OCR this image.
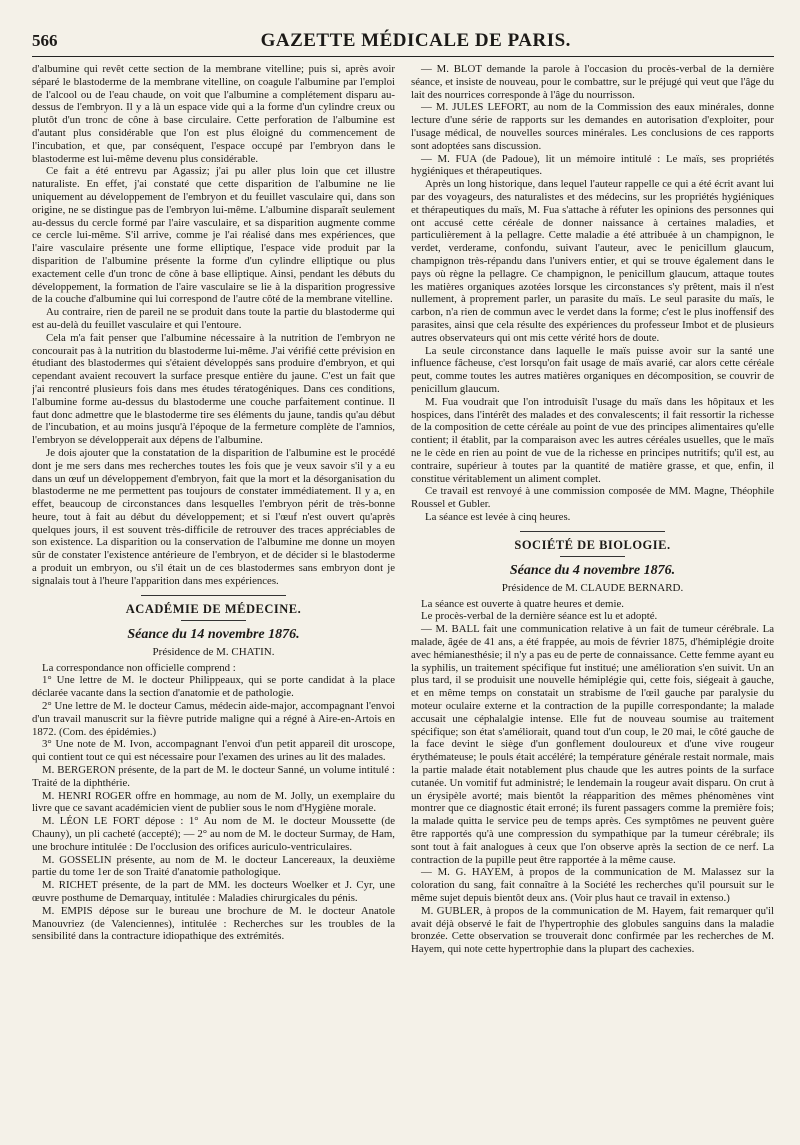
566	GAZETTE MÉDICALE DE PARIS.

d'albumine qui revêt cette section de la membrane vitelline; puis si, après avoir séparé le blastoderme de la membrane vitelline, on coagule l'albumine par l'emploi de l'alcool ou de l'eau chaude, on voit que l'albumine a complétement disparu au-dessus de l'embryon. Il y a là un espace vide qui a la forme d'un cylindre creux ou plutôt d'un tronc de cône à base circulaire. Cette perforation de l'albumine est d'autant plus considérable que l'on est plus éloigné du commencement de l'incubation, et que, par conséquent, l'espace occupé par l'embryon dans le blastoderme est lui-même devenu plus considérable.

Ce fait a été entrevu par Agassiz; j'ai pu aller plus loin que cet illustre naturaliste. En effet, j'ai constaté que cette disparition de l'albumine ne lie uniquement au développement de l'embryon et du feuillet vasculaire qui, dans son origine, ne se distingue pas de l'embryon lui-même. L'albumine disparaît seulement au-dessus du cercle formé par l'aire vasculaire, et sa disparition augmente comme ce cercle lui-même. S'il arrive, comme je l'ai réalisé dans mes expériences, que l'aire vasculaire présente une forme elliptique, l'espace vide produit par la disparition de l'albumine présente la forme d'un cylindre elliptique ou plus exactement celle d'un tronc de cône à base elliptique. Ainsi, pendant les débuts du développement, la formation de l'aire vasculaire se lie à la disparition progressive de la couche d'albumine qui lui correspond de l'autre côté de la membrane vitelline.

Au contraire, rien de pareil ne se produit dans toute la partie du blastoderme qui est au-delà du feuillet vasculaire et qui l'entoure.

Cela m'a fait penser que l'albumine nécessaire à la nutrition de l'embryon ne concourait pas à la nutrition du blastoderme lui-même. J'ai vérifié cette prévision en étudiant des blastodermes qui s'étaient développés sans produire d'embryon, et qui cependant avaient recouvert la surface presque entière du jaune. C'est un fait que j'ai rencontré plusieurs fois dans mes études tératogéniques. Dans ces conditions, l'albumine forme au-dessus du blastoderme une couche parfaitement continue. Il faut donc admettre que le blastoderme tire ses éléments du jaune, tandis qu'au début de l'incubation, et au moins jusqu'à l'époque de la fermeture complète de l'amnios, l'embryon se développerait aux dépens de l'albumine.

Je dois ajouter que la constatation de la disparition de l'albumine est le procédé dont je me sers dans mes recherches toutes les fois que je veux savoir s'il y a eu dans un œuf un développement d'embryon, fait que la mort et la désorganisation du blastoderme ne me permettent pas toujours de constater immédiatement. Il y a, en effet, beaucoup de circonstances dans lesquelles l'embryon périt de très-bonne heure, tout à fait au début du développement; et si l'œuf n'est ouvert qu'après quelques jours, il est souvent très-difficile de retrouver des traces appréciables de son existence. La disparition ou la conservation de l'albumine me donne un moyen sûr de constater l'existence antérieure de l'embryon, et de décider si le blastoderme a produit un embryon, ou s'il était un de ces blastodermes sans embryon dont je signalais tout à l'heure l'apparition dans mes expériences.

ACADÉMIE DE MÉDECINE.
Séance du 14 novembre 1876.
Présidence de M. CHATIN.

La correspondance non officielle comprend :

1° Une lettre de M. le docteur Philippeaux, qui se porte candidat à la place déclarée vacante dans la section d'anatomie et de pathologie.

2° Une lettre de M. le docteur Camus, médecin aide-major, accompagnant l'envoi d'un travail manuscrit sur la fièvre putride maligne qui a régné à Aire-en-Artois en 1872. (Com. des épidémies.)

3° Une note de M. Ivon, accompagnant l'envoi d'un petit appareil dit uroscope, qui contient tout ce qui est nécessaire pour l'examen des urines au lit des malades.

M. BERGERON présente, de la part de M. le docteur Sanné, un volume intitulé : Traité de la diphthérie.

M. HENRI ROGER offre en hommage, au nom de M. Jolly, un exemplaire du livre que ce savant académicien vient de publier sous le nom d'Hygiène morale.

M. LÉON LE FORT dépose : 1° Au nom de M. le docteur Moussette (de Chauny), un pli cacheté (accepté); — 2° au nom de M. le docteur Surmay, de Ham, une brochure intitulée : De l'occlusion des orifices auriculo-ventriculaires.

M. GOSSELIN présente, au nom de M. le docteur Lancereaux, la deuxième partie du tome 1er de son Traité d'anatomie pathologique.

M. RICHET présente, de la part de MM. les docteurs Woelker et J. Cyr, une œuvre posthume de Demarquay, intitulée : Maladies chirurgicales du pénis.

M. EMPIS dépose sur le bureau une brochure de M. le docteur Anatole Manouvriez (de Valenciennes), intitulée : Recherches sur les troubles de la sensibilité dans la contracture idiopathique des extrémités.

— M. BLOT demande la parole à l'occasion du procès-verbal de la dernière séance, et insiste de nouveau, pour le combattre, sur le préjugé qui veut que l'âge du lait des nourrices corresponde à l'âge du nourrisson.

— M. JULES LEFORT, au nom de la Commission des eaux minérales, donne lecture d'une série de rapports sur les demandes en autorisation d'exploiter, pour l'usage médical, de nouvelles sources minérales. Les conclusions de ces rapports sont adoptées sans discussion.

— M. FUA (de Padoue), lit un mémoire intitulé : Le maïs, ses propriétés hygiéniques et thérapeutiques.

Après un long historique, dans lequel l'auteur rappelle ce qui a été écrit avant lui par des voyageurs, des naturalistes et des médecins, sur les propriétés hygiéniques et thérapeutiques du maïs, M. Fua s'attache à réfuter les opinions des personnes qui ont accusé cette céréale de donner naissance à certaines maladies, et particulièrement à la pellagre. Cette maladie a été attribuée à un champignon, le verdet, verderame, confondu, suivant l'auteur, avec le penicillum glaucum, champignon très-répandu dans l'univers entier, et qui se trouve également dans le pays où règne la pellagre. Ce champignon, le penicillum glaucum, attaque toutes les matières organiques azotées lorsque les circonstances s'y prêtent, mais il n'est nullement, à proprement parler, un parasite du maïs. Le seul parasite du maïs, le carbon, n'a rien de commun avec le verdet dans la forme; c'est le plus inoffensif des parasites, ainsi que cela résulte des expériences du professeur Imbot et de plusieurs autres observateurs qui ont mis cette vérité hors de doute.

La seule circonstance dans laquelle le maïs puisse avoir sur la santé une influence fâcheuse, c'est lorsqu'on fait usage de maïs avarié, car alors cette céréale peut, comme toutes les autres matières organiques en décomposition, se couvrir de penicillum glaucum.

M. Fua voudrait que l'on introduisît l'usage du maïs dans les hôpitaux et les hospices, dans l'intérêt des malades et des convalescents; il fait ressortir la richesse de la composition de cette céréale au point de vue des principes alimentaires qu'elle contient; il établit, par la comparaison avec les autres céréales usuelles, que le maïs ne le cède en rien au point de vue de la richesse en principes nutritifs; qu'il est, au contraire, supérieur à toutes par la quantité de matière grasse, et que, enfin, il constitue véritablement un aliment complet.

Ce travail est renvoyé à une commission composée de MM. Magne, Théophile Roussel et Gubler.

La séance est levée à cinq heures.

SOCIÉTÉ DE BIOLOGIE.
Séance du 4 novembre 1876.
Présidence de M. CLAUDE BERNARD.

La séance est ouverte à quatre heures et demie.

Le procès-verbal de la dernière séance est lu et adopté.

— M. BALL fait une communication relative à un fait de tumeur cérébrale. La malade, âgée de 41 ans, a été frappée, au mois de février 1875, d'hémiplégie droite avec hémianesthésie; il n'y a pas eu de perte de connaissance. Cette femme ayant eu la syphilis, un traitement spécifique fut institué; une amélioration s'en suivit. Un an plus tard, il se produisit une nouvelle hémiplégie qui, cette fois, siégeait à gauche, et en même temps on constatait un strabisme de l'œil gauche par paralysie du moteur oculaire externe et la contraction de la pupille correspondante; la malade accusait une céphalalgie intense. Elle fut de nouveau soumise au traitement spécifique; son état s'améliorait, quand tout d'un coup, le 20 mai, le côté gauche de la face devint le siège d'un gonflement douloureux et d'une vive rougeur érythémateuse; le pouls était accéléré; la température générale restait normale, mais la partie malade était notablement plus chaude que les autres points de la surface cutanée. Un vomitif fut administré; le lendemain la rougeur avait disparu. On crut à un érysipèle avorté; mais bientôt la réapparition des mêmes phénomènes vint montrer que ce diagnostic était erroné; ils furent passagers comme la première fois; la malade quitta le service peu de temps après. Ces symptômes ne peuvent guère être rapportés qu'à une compression du sympathique par la tumeur cérébrale; ils sont tout à fait analogues à ceux que l'on observe après la section de ce nerf. La contraction de la pupille peut être rapportée à la même cause.

— M. G. HAYEM, à propos de la communication de M. Malassez sur la coloration du sang, fait connaître à la Société les recherches qu'il poursuit sur le même sujet depuis bientôt deux ans. (Voir plus haut ce travail in extenso.)

M. GUBLER, à propos de la communication de M. Hayem, fait remarquer qu'il avait déjà observé le fait de l'hypertrophie des globules sanguins dans la maladie bronzée. Cette observation se trouverait donc confirmée par les recherches de M. Hayem, qui note cette hypertrophie dans la plupart des cachexies.
